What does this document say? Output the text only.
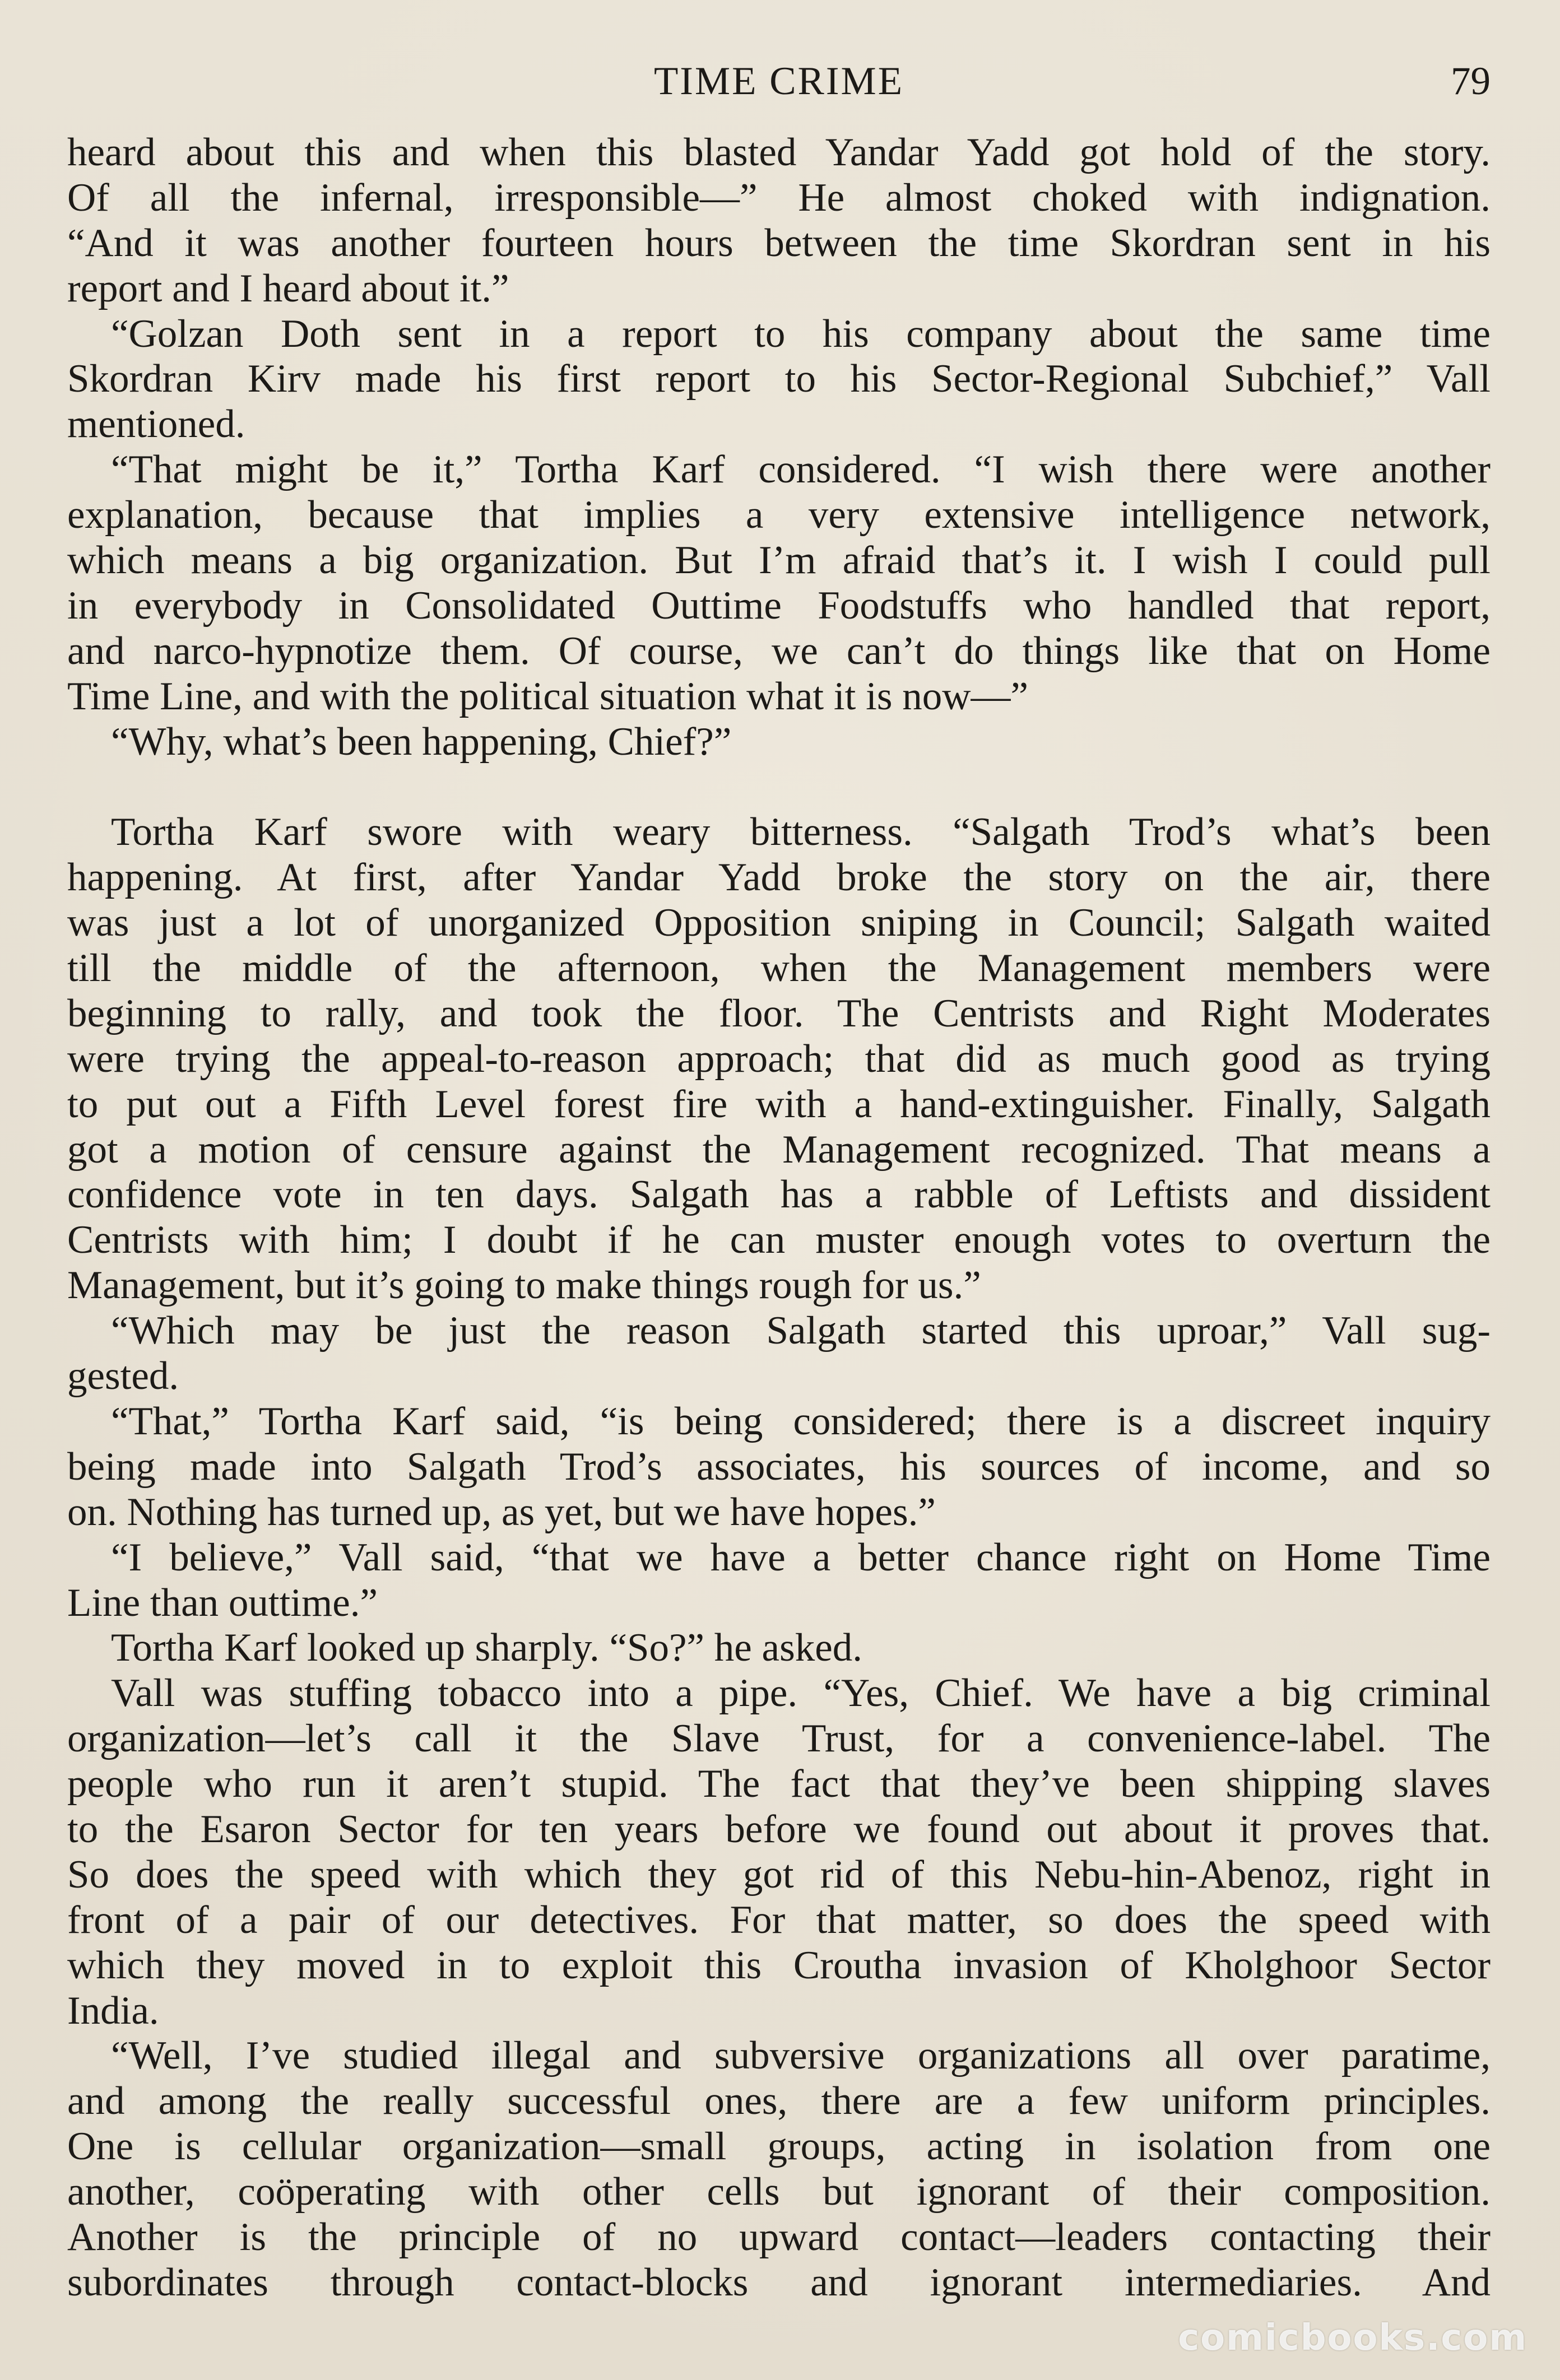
TIME CRIME	79
heard about this and when this blasted Yandar Yadd got hold of the story.
Of all the infernal, irresponsible—” He almost choked with indignation.
“And it was another fourteen hours between the time Skordran sent in his
report and I heard about it.”
“Golzan Doth sent in a report to his company about the same time
Skordran Kirv made his first report to his Sector-Regional Subchief,” Vall
mentioned.
“That might be it,” Tortha Karf considered. “I wish there were another
explanation, because that implies a very extensive intelligence network,
which means a big organization. But I’m afraid that’s it. I wish I could pull
in everybody in Consolidated Outtime Foodstuffs who handled that report,
and narco-hypnotize them. Of course, we can’t do things like that on Home
Time Line, and with the political situation what it is now—”
“Why, what’s been happening, Chief?”
Tortha Karf swore with weary bitterness. “Salgath Trod’s what’s been
happening. At first, after Yandar Yadd broke the story on the air, there
was just a lot of unorganized Opposition sniping in Council; Salgath waited
till the middle of the afternoon, when the Management members were
beginning to rally, and took the floor. The Centrists and Right Moderates
were trying the appeal-to-reason approach; that did as much good as trying
to put out a Fifth Level forest fire with a hand-extinguisher. Finally, Salgath
got a motion of censure against the Management recognized. That means a
confidence vote in ten days. Salgath has a rabble of Leftists and dissident
Centrists with him; I doubt if he can muster enough votes to overturn the
Management, but it’s going to make things rough for us.”
“Which may be just the reason Salgath started this uproar,” Vall sug-
gested.
“That,” Tortha Karf said, “is being considered; there is a discreet inquiry
being made into Salgath Trod’s associates, his sources of income, and so
on. Nothing has turned up, as yet, but we have hopes.”
“I believe,” Vall said, “that we have a better chance right on Home Time
Line than outtime.”
Tortha Karf looked up sharply. “So?” he asked.
Vall was stuffing tobacco into a pipe. “Yes, Chief. We have a big criminal
organization—let’s call it the Slave Trust, for a convenience-label. The
people who run it aren’t stupid. The fact that they’ve been shipping slaves
to the Esaron Sector for ten years before we found out about it proves that.
So does the speed with which they got rid of this Nebu-hin-Abenoz, right in
front of a pair of our detectives. For that matter, so does the speed with
which they moved in to exploit this Croutha invasion of Kholghoor Sector
India.
“Well, I’ve studied illegal and subversive organizations all over paratime,
and among the really successful ones, there are a few uniform principles.
One is cellular organization—small groups, acting in isolation from one
another, coöperating with other cells but ignorant of their composition.
Another is the principle of no upward contact—leaders contacting their
subordinates through contact-blocks and ignorant intermediaries. And
comicbooks.com
